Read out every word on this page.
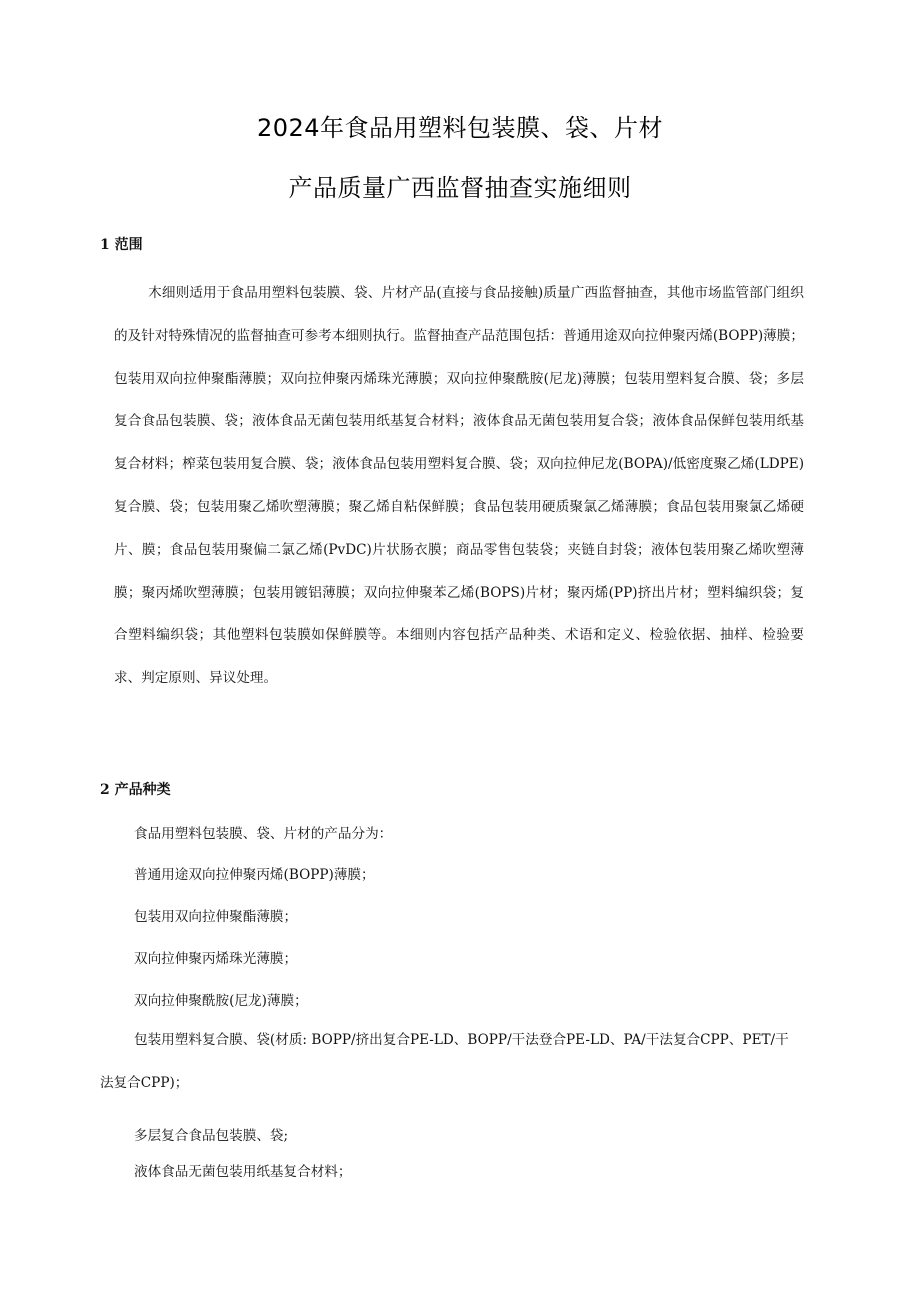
2024年食品用塑料包装膜、袋、片材
产品质量广西监督抽查实施细则
1 范围

木细则适用于食品用塑料包装膜、袋、片材产品(直接与食品接触)质量广西监督抽查，其他市场监管部门组织的及针对特殊情况的监督抽查可参考本细则执行。监督抽查产品范围包括：普通用途双向拉伸聚丙烯(BOPP)薄膜；包装用双向拉伸聚酯薄膜；双向拉伸聚丙烯珠光薄膜；双向拉伸聚酰胺(尼龙)薄膜；包装用塑料复合膜、袋；多层复合食品包装膜、袋；液体食品无菌包装用纸基复合材料；液体食品无菌包装用复合袋；液体食品保鲜包装用纸基复合材料；榨菜包装用复合膜、袋；液体食品包装用塑料复合膜、袋；双向拉伸尼龙(BOPA)/低密度聚乙烯(LDPE)复合膜、袋；包装用聚乙烯吹塑薄膜；聚乙烯自粘保鲜膜；食品包装用硬质聚氯乙烯薄膜；食品包装用聚氯乙烯硬片、膜；食品包装用聚偏二氯乙烯(PvDC)片状肠衣膜；商品零售包装袋；夹链自封袋；液体包装用聚乙烯吹塑薄膜；聚丙烯吹塑薄膜；包装用镀铝薄膜；双向拉伸聚苯乙烯(BOPS)片材；聚丙烯(PP)挤出片材；塑料编织袋；复合塑料编织袋；其他塑料包装膜如保鲜膜等。本细则内容包括产品种类、术语和定义、检验依据、抽样、检验要求、判定原则、异议处理。

2 产品种类

食品用塑料包装膜、袋、片材的产品分为：

普通用途双向拉伸聚丙烯(BOPP)薄膜；

包装用双向拉伸聚酯薄膜；

双向拉伸聚丙烯珠光薄膜；

双向拉伸聚酰胺(尼龙)薄膜；

包装用塑料复合膜、袋(材质: BOPP/挤出复合PE-LD、BOPP/干法登合PE-LD、PA/干法复合CPP、PET/干法复合CPP)；

多层复合食品包装膜、袋;

液体食品无菌包装用纸基复合材料；
